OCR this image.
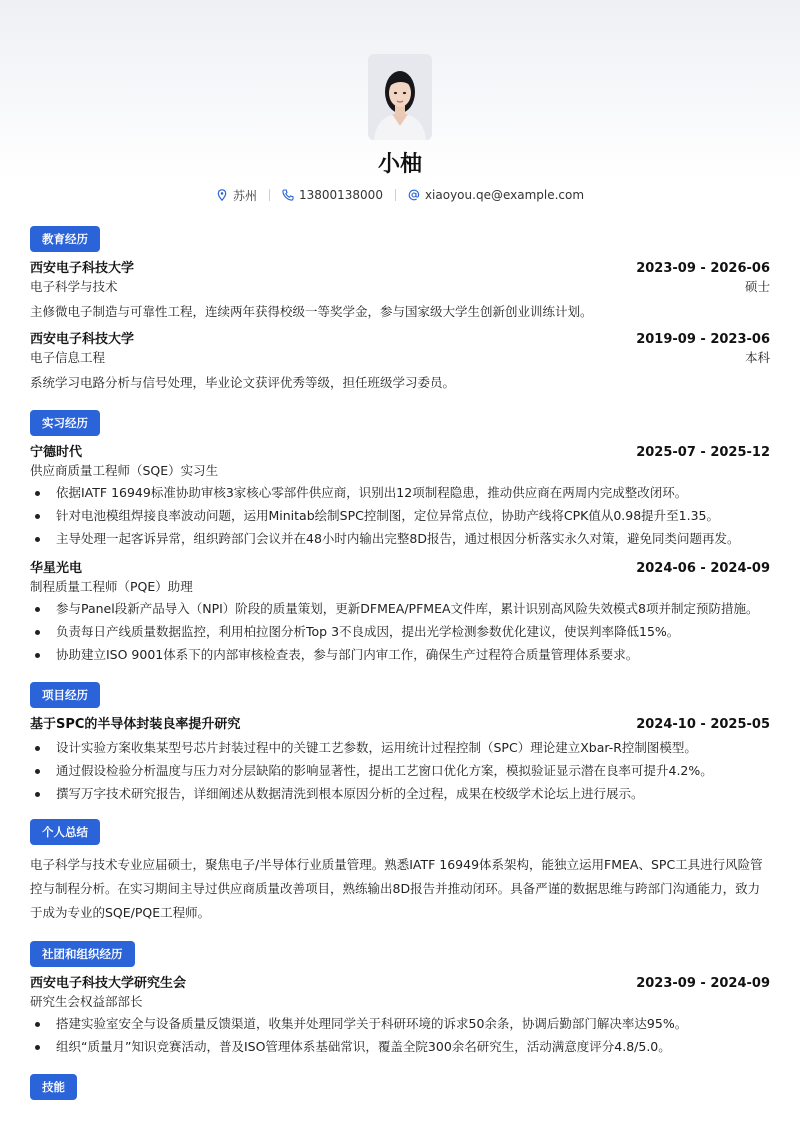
小柚
苏州	13800138000	xiaoyou.qe@example.com
教育经历
西安电子科技大学	2023-09 - 2026-06
电子科学与技术	硕士
主修微电子制造与可靠性工程，连续两年获得校级一等奖学金，参与国家级大学生创新创业训练计划。
西安电子科技大学	2019-09 - 2023-06
电子信息工程	本科
系统学习电路分析与信号处理，毕业论文获评优秀等级，担任班级学习委员。
实习经历
宁德时代	2025-07 - 2025-12
供应商质量工程师（SQE）实习生
依据IATF 16949标准协助审核3家核心零部件供应商，识别出12项制程隐患，推动供应商在两周内完成整改闭环。
针对电池模组焊接良率波动问题，运用Minitab绘制SPC控制图，定位异常点位，协助产线将CPK值从0.98提升至1.35。
主导处理一起客诉异常，组织跨部门会议并在48小时内输出完整8D报告，通过根因分析落实永久对策，避免同类问题再发。
华星光电	2024-06 - 2024-09
制程质量工程师（PQE）助理
参与Panel段新产品导入（NPI）阶段的质量策划，更新DFMEA/PFMEA文件库，累计识别高风险失效模式8项并制定预防措施。
负责每日产线质量数据监控，利用柏拉图分析Top 3不良成因，提出光学检测参数优化建议，使误判率降低15%。
协助建立ISO 9001体系下的内部审核检查表，参与部门内审工作，确保生产过程符合质量管理体系要求。
项目经历
基于SPC的半导体封装良率提升研究	2024-10 - 2025-05
设计实验方案收集某型号芯片封装过程中的关键工艺参数，运用统计过程控制（SPC）理论建立Xbar-R控制图模型。
通过假设检验分析温度与压力对分层缺陷的影响显著性，提出工艺窗口优化方案，模拟验证显示潜在良率可提升4.2%。
撰写万字技术研究报告，详细阐述从数据清洗到根本原因分析的全过程，成果在校级学术论坛上进行展示。
个人总结
电子科学与技术专业应届硕士，聚焦电子/半导体行业质量管理。熟悉IATF 16949体系架构，能独立运用FMEA、SPC工具进行风险管控与制程分析。在实习期间主导过供应商质量改善项目，熟练输出8D报告并推动闭环。具备严谨的数据思维与跨部门沟通能力，致力于成为专业的SQE/PQE工程师。
社团和组织经历
西安电子科技大学研究生会	2023-09 - 2024-09
研究生会权益部部长
搭建实验室安全与设备质量反馈渠道，收集并处理同学关于科研环境的诉求50余条，协调后勤部门解决率达95%。
组织“质量月”知识竞赛活动，普及ISO管理体系基础常识，覆盖全院300余名研究生，活动满意度评分4.8/5.0。
技能
